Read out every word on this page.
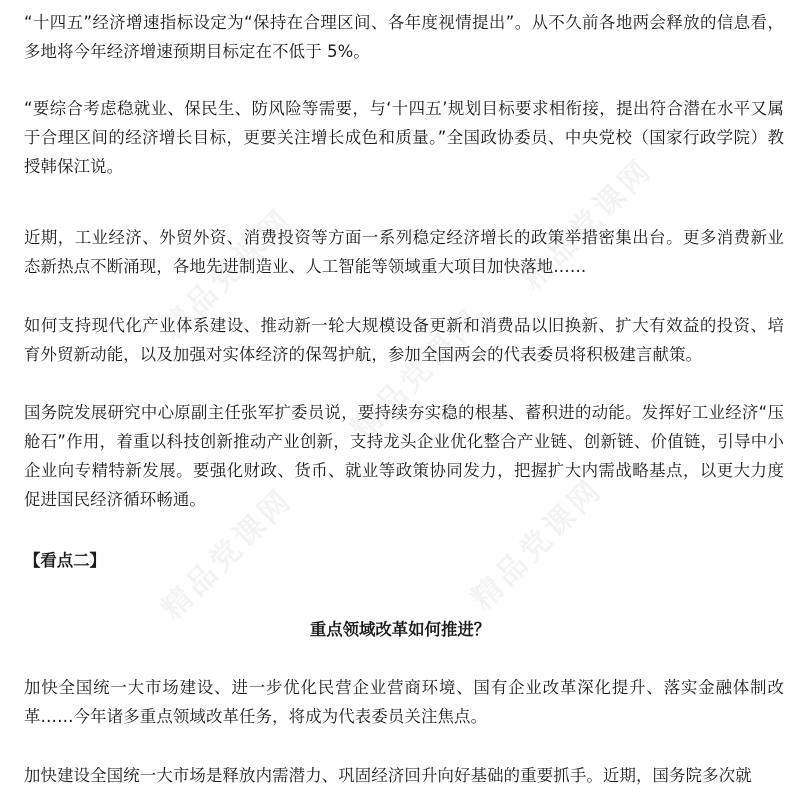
“十四五”经济增速指标设定为“保持在合理区间、各年度视情提出”。从不久前各地两会释放的信息看，多地将今年经济增速预期目标定在不低于 5%。

“要综合考虑稳就业、保民生、防风险等需要，与‘十四五’规划目标要求相衔接，提出符合潜在水平又属于合理区间的经济增长目标，更要关注增长成色和质量。”全国政协委员、中央党校（国家行政学院）教授韩保江说。

近期，工业经济、外贸外资、消费投资等方面一系列稳定经济增长的政策举措密集出台。更多消费新业态新热点不断涌现，各地先进制造业、人工智能等领域重大项目加快落地……

如何支持现代化产业体系建设、推动新一轮大规模设备更新和消费品以旧换新、扩大有效益的投资、培育外贸新动能，以及加强对实体经济的保驾护航，参加全国两会的代表委员将积极建言献策。

国务院发展研究中心原副主任张军扩委员说，要持续夯实稳的根基、蓄积进的动能。发挥好工业经济“压舱石”作用，着重以科技创新推动产业创新，支持龙头企业优化整合产业链、创新链、价值链，引导中小企业向专精特新发展。要强化财政、货币、就业等政策协同发力，把握扩大内需战略基点，以更大力度促进国民经济循环畅通。

【看点二】

重点领域改革如何推进？

加快全国统一大市场建设、进一步优化民营企业营商环境、国有企业改革深化提升、落实金融体制改革……今年诸多重点领域改革任务，将成为代表委员关注焦点。

加快建设全国统一大市场是释放内需潜力、巩固经济回升向好基础的重要抓手。近期，国务院多次就

精品党课网	精品党课网
精品党课网
精品党课网	精品党课网
